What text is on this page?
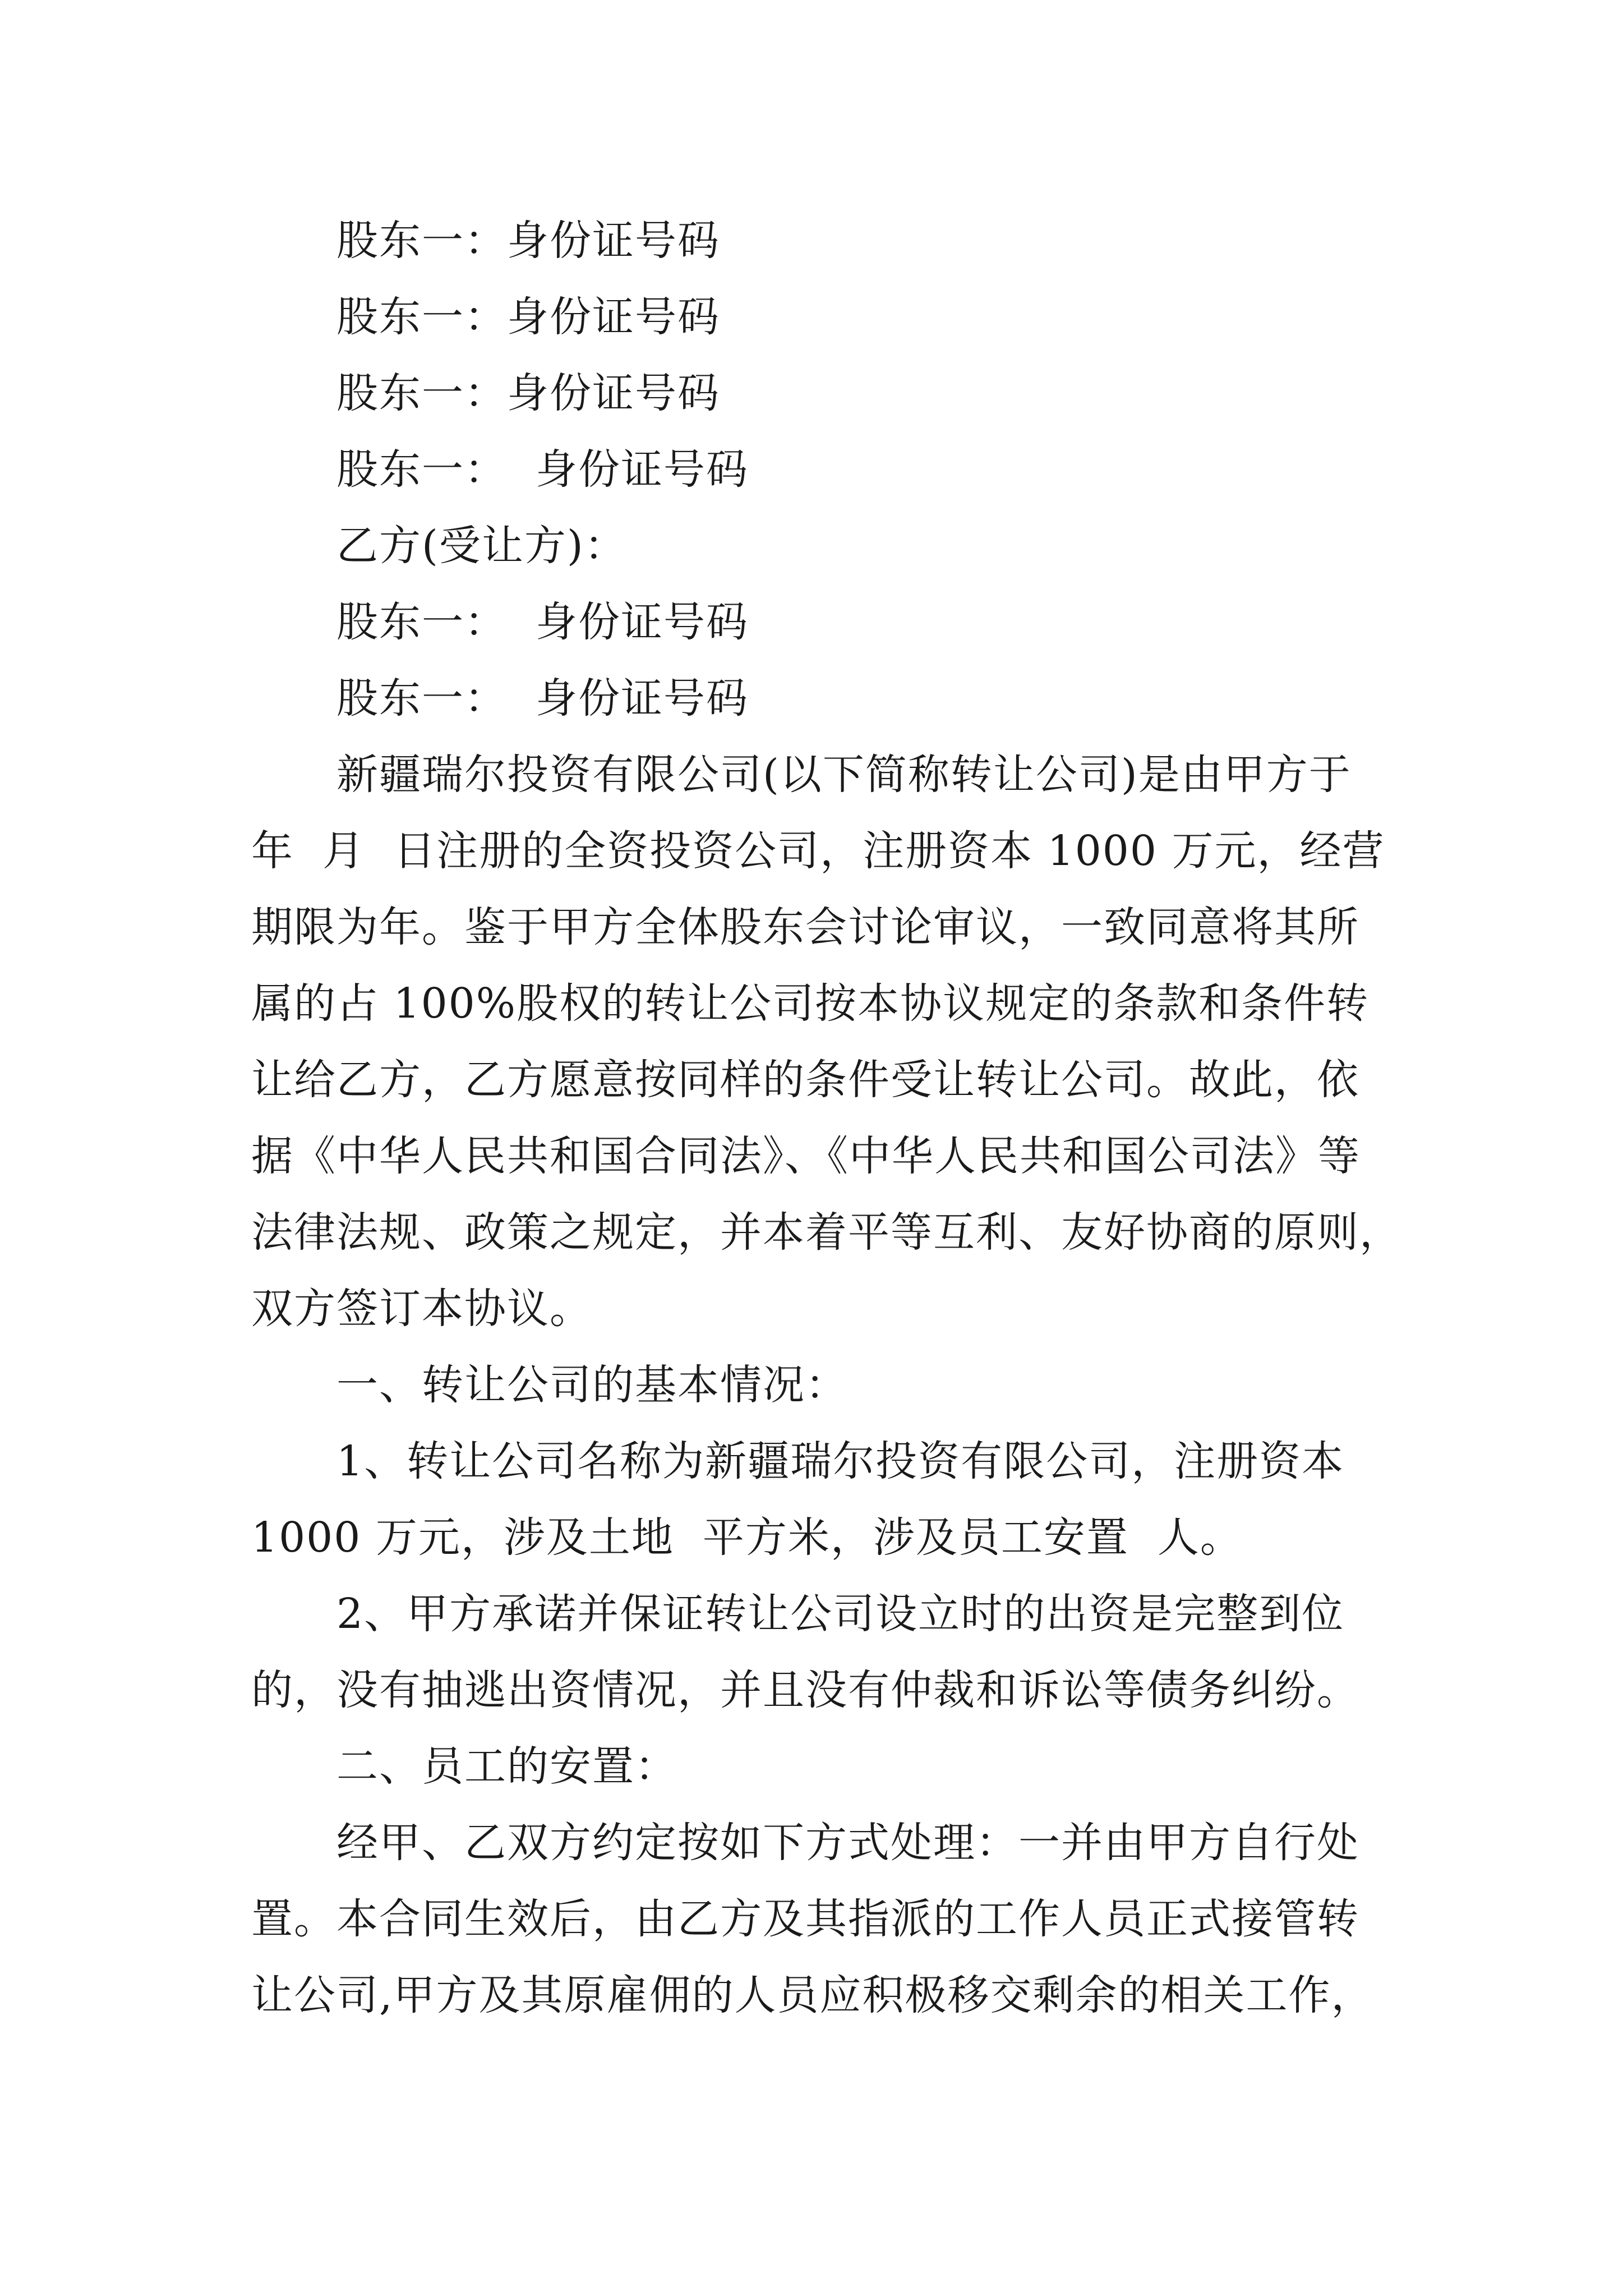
股东一：身份证号码
股东一：身份证号码
股东一：身份证号码
股东一：  身份证号码
乙方(受让方)：
股东一：  身份证号码
股东一：  身份证号码
新疆瑞尔投资有限公司(以下简称转让公司)是由甲方于
年  月  日注册的全资投资公司，注册资本 1000 万元，经营
期限为年。鉴于甲方全体股东会讨论审议，一致同意将其所
属的占 100%股权的转让公司按本协议规定的条款和条件转
让给乙方，乙方愿意按同样的条件受让转让公司。故此，依
据《中华人民共和国合同法》、《中华人民共和国公司法》等
法律法规、政策之规定，并本着平等互利、友好协商的原则，
双方签订本协议。
一、转让公司的基本情况：
1、转让公司名称为新疆瑞尔投资有限公司，注册资本
1000 万元，涉及土地  平方米，涉及员工安置  人。
2、甲方承诺并保证转让公司设立时的出资是完整到位
的，没有抽逃出资情况，并且没有仲裁和诉讼等债务纠纷。
二、员工的安置：
经甲、乙双方约定按如下方式处理：一并由甲方自行处
置。本合同生效后，由乙方及其指派的工作人员正式接管转
让公司,甲方及其原雇佣的人员应积极移交剩余的相关工作，
